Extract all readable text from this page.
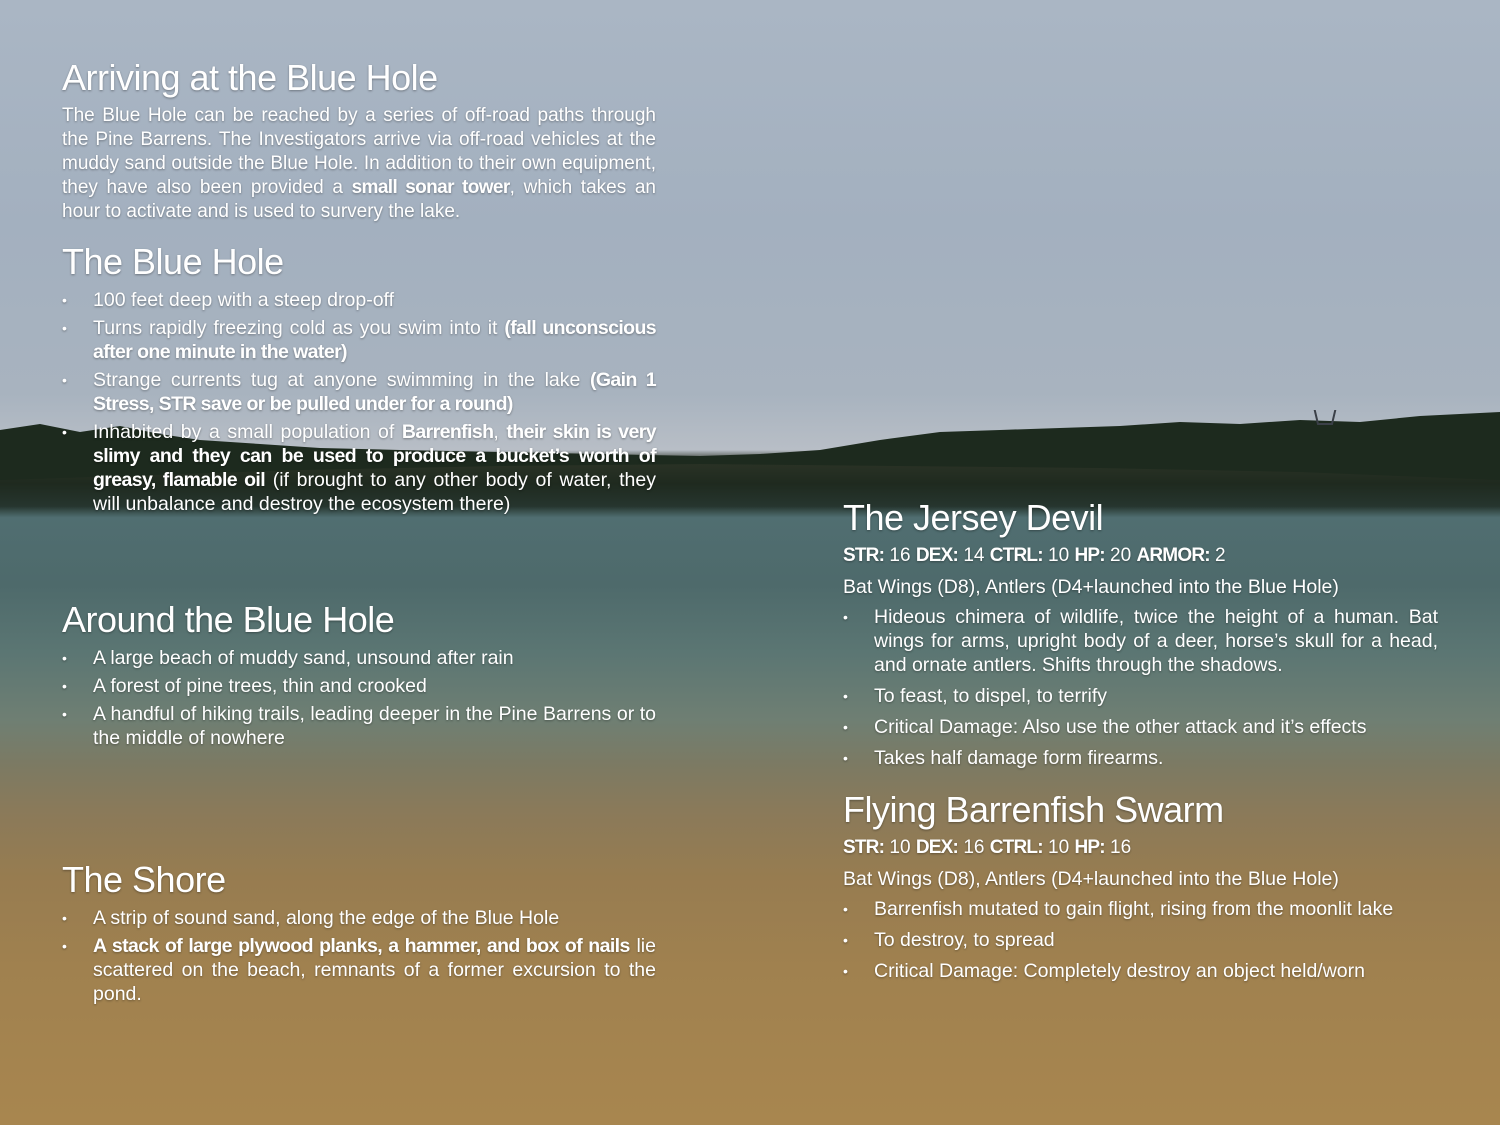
Arriving at the Blue Hole

The Blue Hole can be reached by a series of off-road paths through the Pine Barrens. The Investigators arrive via off-road vehicles at the muddy sand outside the Blue Hole. In addition to their own equipment, they have also been provided a small sonar tower, which takes an hour to activate and is used to survery the lake.

The Blue Hole
• 100 feet deep with a steep drop-off
• Turns rapidly freezing cold as you swim into it (fall unconscious after one minute in the water)
• Strange currents tug at anyone swimming in the lake (Gain 1 Stress, STR save or be pulled under for a round)
• Inhabited by a small population of Barrenfish, their skin is very slimy and they can be used to produce a bucket’s worth of greasy, flamable oil (if brought to any other body of water, they will unbalance and destroy the ecosystem there)
Around the Blue Hole
• A large beach of muddy sand, unsound after rain
• A forest of pine trees, thin and crooked
• A handful of hiking trails, leading deeper in the Pine Barrens or to the middle of nowhere
The Shore
• A strip of sound sand, along the edge of the Blue Hole
• A stack of large plywood planks, a hammer, and box of nails lie scattered on the beach, remnants of a former excursion to the pond.
The Jersey Devil
STR: 16 DEX: 14 CTRL: 10 HP: 20 ARMOR: 2
Bat Wings (D8), Antlers (D4+launched into the Blue Hole)
• Hideous chimera of wildlife, twice the height of a human. Bat wings for arms, upright body of a deer, horse’s skull for a head, and ornate antlers. Shifts through the shadows.
• To feast, to dispel, to terrify
• Critical Damage: Also use the other attack and it’s effects
• Takes half damage form firearms.
Flying Barrenfish Swarm
STR: 10 DEX: 16 CTRL: 10 HP: 16
Bat Wings (D8), Antlers (D4+launched into the Blue Hole)
• Barrenfish mutated to gain flight, rising from the moonlit lake
• To destroy, to spread
• Critical Damage: Completely destroy an object held/worn
